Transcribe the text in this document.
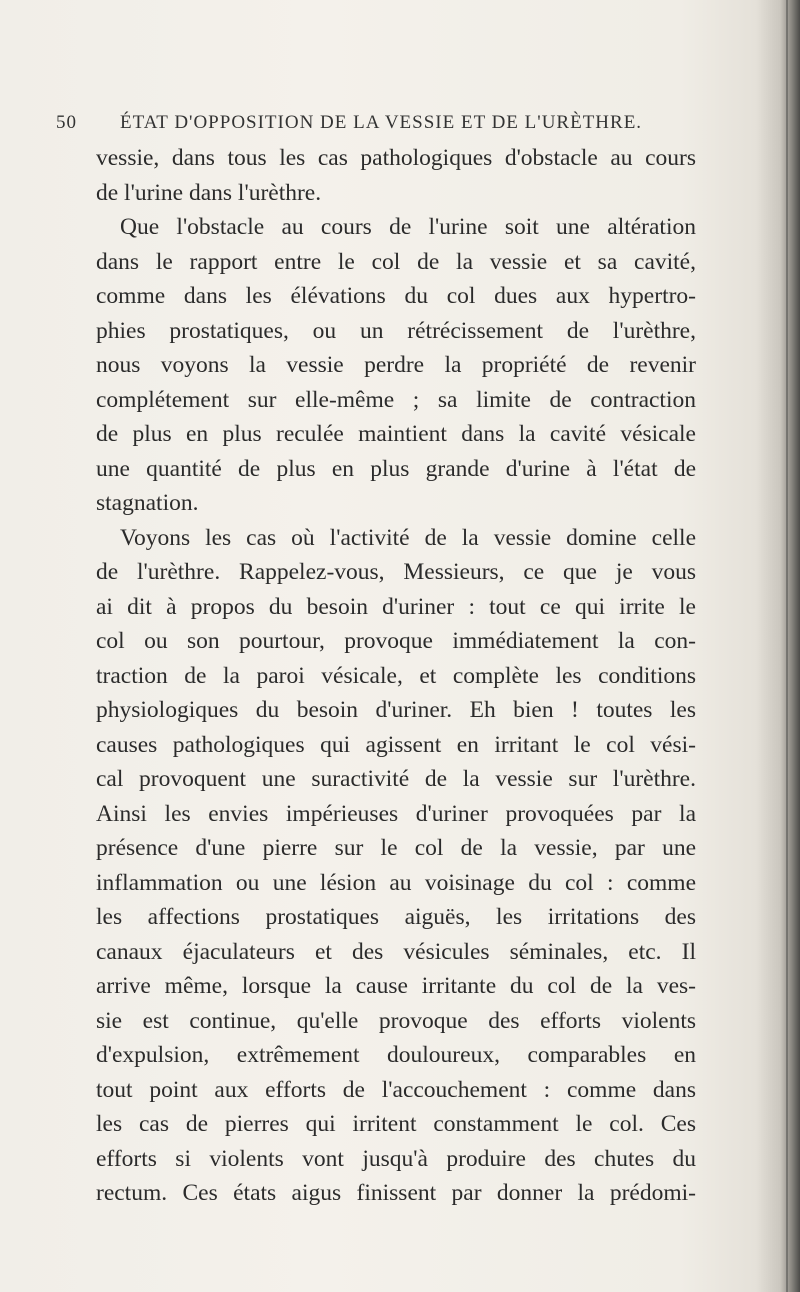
50 ÉTAT D'OPPOSITION DE LA VESSIE ET DE L'URÈTHRE.
vessie, dans tous les cas pathologiques d'obstacle au cours
de l'urine dans l'urèthre.
Que l'obstacle au cours de l'urine soit une altération
dans le rapport entre le col de la vessie et sa cavité,
comme dans les élévations du col dues aux hypertro-
phies prostatiques, ou un rétrécissement de l'urèthre,
nous voyons la vessie perdre la propriété de revenir
complétement sur elle-même ; sa limite de contraction
de plus en plus reculée maintient dans la cavité vésicale
une quantité de plus en plus grande d'urine à l'état de
stagnation.
Voyons les cas où l'activité de la vessie domine celle
de l'urèthre. Rappelez-vous, Messieurs, ce que je vous
ai dit à propos du besoin d'uriner : tout ce qui irrite le
col ou son pourtour, provoque immédiatement la con-
traction de la paroi vésicale, et complète les conditions
physiologiques du besoin d'uriner. Eh bien ! toutes les
causes pathologiques qui agissent en irritant le col vési-
cal provoquent une suractivité de la vessie sur l'urèthre.
Ainsi les envies impérieuses d'uriner provoquées par la
présence d'une pierre sur le col de la vessie, par une
inflammation ou une lésion au voisinage du col : comme
les affections prostatiques aiguës, les irritations des
canaux éjaculateurs et des vésicules séminales, etc. Il
arrive même, lorsque la cause irritante du col de la ves-
sie est continue, qu'elle provoque des efforts violents
d'expulsion, extrêmement douloureux, comparables en
tout point aux efforts de l'accouchement : comme dans
les cas de pierres qui irritent constamment le col. Ces
efforts si violents vont jusqu'à produire des chutes du
rectum. Ces états aigus finissent par donner la prédomi-
